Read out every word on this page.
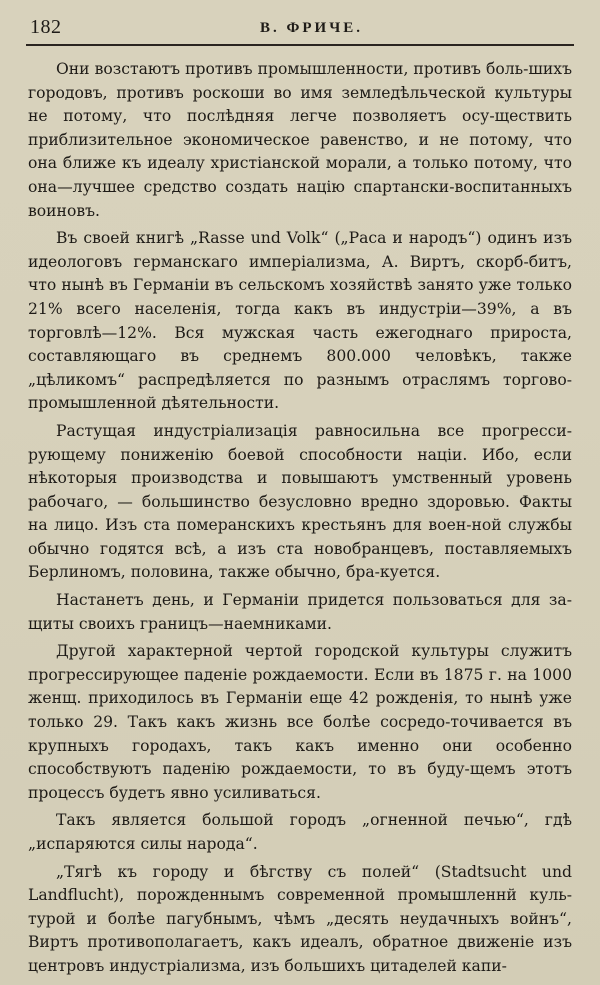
182	В. ФРИЧЕ.

Они возстаютъ противъ промышленности, противъ боль-шихъ городовъ, противъ роскоши во имя земледѣльческой культуры не потому, что послѣдняя легче позволяетъ осу-ществить приблизительное экономическое равенство, и не потому, что она ближе къ идеалу христіанской морали, а только потому, что она—лучшее средство создать націю спартански-воспитанныхъ воиновъ.

Въ своей книгѣ „Rasse und Volk“ („Раса и народъ“) одинъ изъ идеологовъ германскаго имперіализма, А. Виртъ, скорб-битъ, что нынѣ въ Германіи въ сельскомъ хозяйствѣ занято уже только 21% всего населенія, тогда какъ въ индустріи—39%, а въ торговлѣ—12%. Вся мужская часть ежегоднаго прироста, составляющаго въ среднемъ 800.000 человѣкъ, также „цѣликомъ“ распредѣляется по разнымъ отраслямъ торгово-промышленной дѣятельности.

Растущая индустріализація равносильна все прогресси-рующему пониженію боевой способности націи. Ибо, если нѣкоторыя производства и повышаютъ умственный уровень рабочаго, — большинство безусловно вредно здоровью. Факты на лицо. Изъ ста померанскихъ крестьянъ для воен-ной службы обычно годятся всѣ, а изъ ста новобранцевъ, поставляемыхъ Берлиномъ, половина, также обычно, бра-куется.

Настанетъ день, и Германіи придется пользоваться для за-щиты своихъ границъ—наемниками.

Другой характерной чертой городской культуры служитъ прогрессирующее паденіе рождаемости. Если въ 1875 г. на 1000 женщ. приходилось въ Германіи еще 42 рожденія, то нынѣ уже только 29. Такъ какъ жизнь все болѣе сосредо-точивается въ крупныхъ городахъ, такъ какъ именно они особенно способствуютъ паденію рождаемости, то въ буду-щемъ этотъ процессъ будетъ явно усиливаться.

Такъ является большой городъ „огненной печью“, гдѣ „испаряются силы народа“.

„Тягѣ къ городу и бѣгству съ полей“ (Stadtsucht und Landflucht), порожденнымъ современной промышленнй куль-турой и болѣе пагубнымъ, чѣмъ „десять неудачныхъ войнъ“, Виртъ противополагаетъ, какъ идеалъ, обратное движеніе изъ центровъ индустріализма, изъ большихъ цитаделей капи-
